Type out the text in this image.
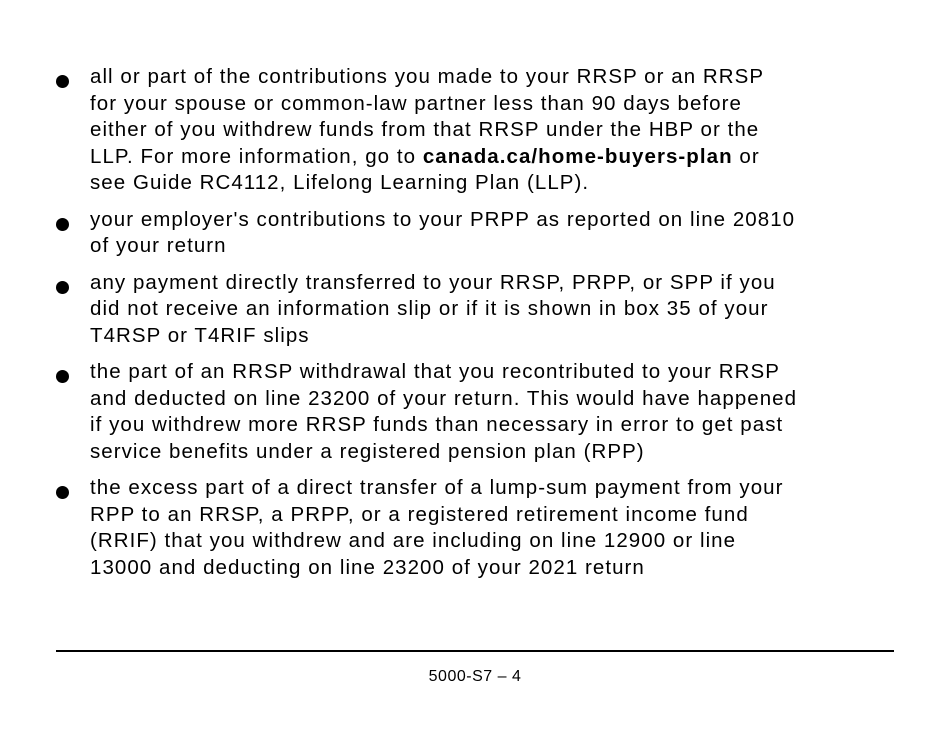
all or part of the contributions you made to your RRSP or an RRSP
for your spouse or common-law partner less than 90 days before
either of you withdrew funds from that RRSP under the HBP or the
LLP. For more information, go to canada.ca/home-buyers-plan or
see Guide RC4112, Lifelong Learning Plan (LLP).
your employer's contributions to your PRPP as reported on line 20810
of your return
any payment directly transferred to your RRSP, PRPP, or SPP if you
did not receive an information slip or if it is shown in box 35 of your
T4RSP or T4RIF slips
the part of an RRSP withdrawal that you recontributed to your RRSP
and deducted on line 23200 of your return. This would have happened
if you withdrew more RRSP funds than necessary in error to get past
service benefits under a registered pension plan (RPP)
the excess part of a direct transfer of a lump-sum payment from your
RPP to an RRSP, a PRPP, or a registered retirement income fund
(RRIF) that you withdrew and are including on line 12900 or line
13000 and deducting on line 23200 of your 2021 return
5000-S7 – 4
